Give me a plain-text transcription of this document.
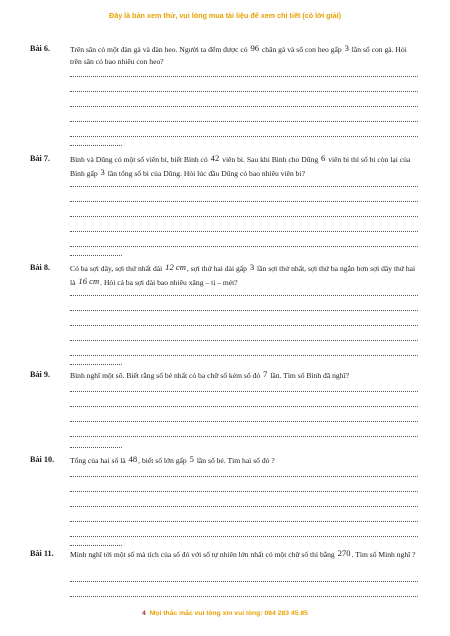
Đây là bản xem thử, vui lòng mua tài liệu để xem chi tiết (có lời giải)
Bài 6.	Trên sân có một đàn gà và đàn heo. Người ta đếm được có 96 chân gà và số con heo gấp 3 lần số con gà. Hỏi trên sân có bao nhiêu con heo?
Bài 7.	Bình và Dũng có một số viên bi, biết Bình có 42 viên bi. Sau khi Bình cho Dũng 6 viên bi thì số bi còn lại của Bình gấp 3 lần tổng số bi của Dũng. Hỏi lúc đầu Dũng có bao nhiêu viên bi?
Bài 8.	Có ba sợi dây, sợi thứ nhất dài 12 cm, sợi thứ hai dài gấp 3 lần sợi thứ nhất, sợi thứ ba ngắn hơn sợi dây thứ hai là 16 cm. Hỏi cả ba sợi dài bao nhiêu xăng – ti – mét?
Bài 9.	Bình nghĩ một số. Biết rằng số bé nhất có ba chữ số kém số đó 7 lần. Tìm số Bình đã nghĩ?
Bài 10. Tổng của hai số là 48, biết số lớn gấp 5 lần số bé. Tìm hai số đó ?
Bài 11. Minh nghĩ tới một số mà tích của số đó với số tự nhiên lớn nhất có một chữ số thì bằng 270. Tìm số Minh nghĩ ?
4 Mọi thắc mắc vui lòng xin vui lòng: 084 283 45 85
